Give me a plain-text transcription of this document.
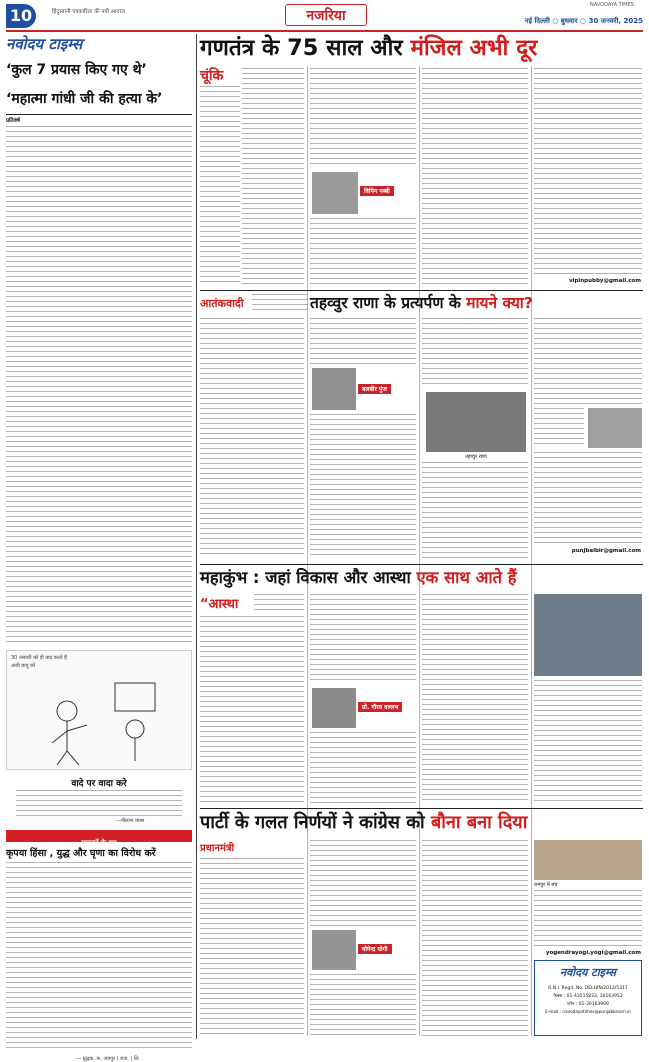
10	हिंदुस्तानी पत्रकारिता की नयी आवाज	नजरिया
NAVODAYA TIMES
नई दिल्ली ○ बुधवार ○ 30 जनवरी, 2025
नवोदय टाइम्स
‘कुल 7 प्रयास किए गए थे’
‘महात्मा गांधी जी की हत्या के’
प्रतिवर्ष
30 जनवरी को ही याद करते हैं
अजी बापू को
वादे पर वादा करे
—नीलाभ व्यास
पाठकों के पत्र
कृपया हिंसा , युद्ध और घृणा का विरोध करें
— युद्धक, फ. जयपुर ( राज. ) लि.
गणतंत्र के 75 साल और मंजिल अभी दूर
चूंकि
विपिन पब्बी
vipinpubby@gmail.com
आतंकवादी	तहव्वुर राणा के प्रत्यर्पण के मायने क्या?
बलबीर पुंज
तहव्वुर राणा
punjbalbir@gmail.com
महाकुंभ : जहां विकास और आस्था एक साथ आते हैं
“आस्था
प्रो. गौरव वल्लभ
पार्टी के गलत निर्णयों ने कांग्रेस को बौना बना दिया
प्रधानमंत्री
योगेन्द्र योगी
रामपुर में बच
yogendrayogi.yogi@gmail.com
नवोदय टाइम्स
R.N.I. Regd. No. DELHIN/2013/5317
फैक्स : 01-43515833, 30163953
फ़ोन : 01-30163909
E-mail : navodayatimes@punjabkesari.in
